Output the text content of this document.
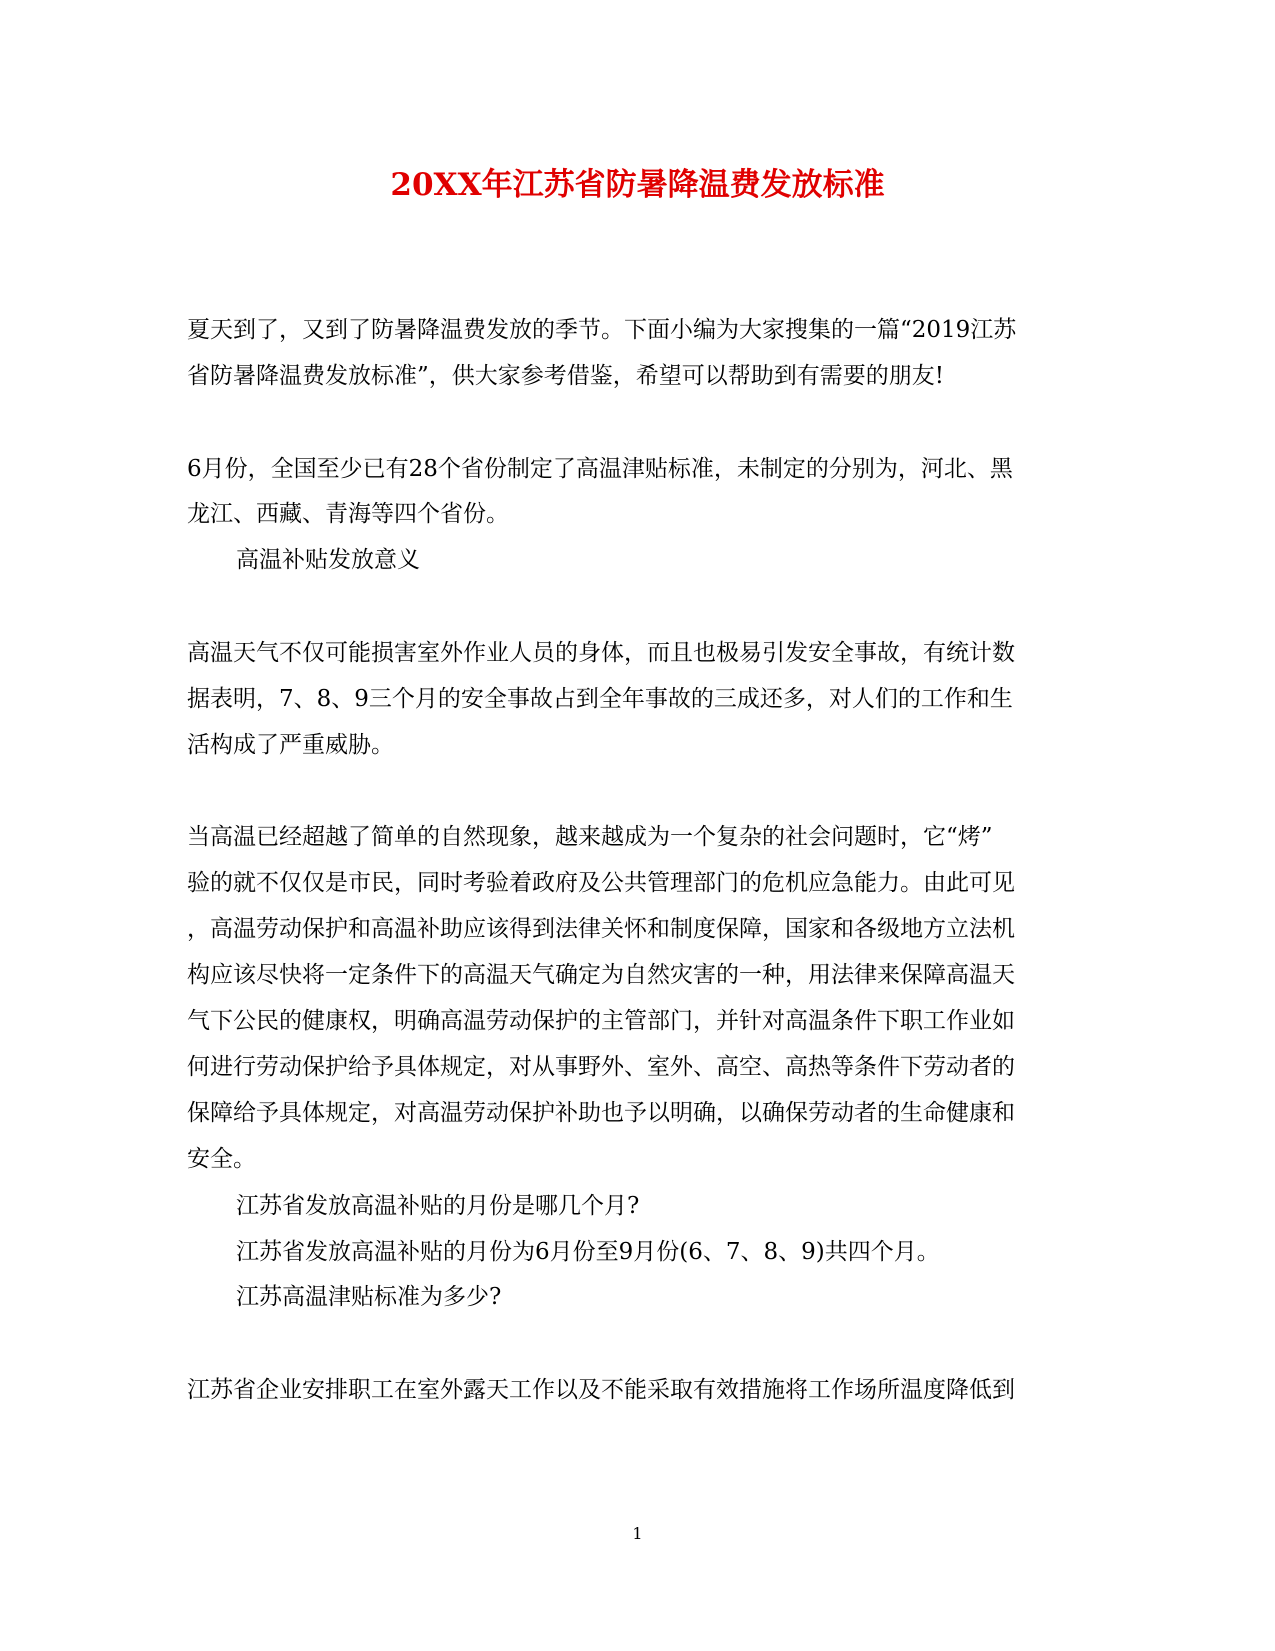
20XX年江苏省防暑降温费发放标准
夏天到了，又到了防暑降温费发放的季节。下面小编为大家搜集的一篇“2019江苏
省防暑降温费发放标准”，供大家参考借鉴，希望可以帮助到有需要的朋友!
6月份，全国至少已有28个省份制定了高温津贴标准，未制定的分别为，河北、黑
龙江、西藏、青海等四个省份。
高温补贴发放意义
高温天气不仅可能损害室外作业人员的身体，而且也极易引发安全事故，有统计数
据表明，7、8、9三个月的安全事故占到全年事故的三成还多，对人们的工作和生
活构成了严重威胁。
当高温已经超越了简单的自然现象，越来越成为一个复杂的社会问题时，它“烤”
验的就不仅仅是市民，同时考验着政府及公共管理部门的危机应急能力。由此可见
，高温劳动保护和高温补助应该得到法律关怀和制度保障，国家和各级地方立法机
构应该尽快将一定条件下的高温天气确定为自然灾害的一种，用法律来保障高温天
气下公民的健康权，明确高温劳动保护的主管部门，并针对高温条件下职工作业如
何进行劳动保护给予具体规定，对从事野外、室外、高空、高热等条件下劳动者的
保障给予具体规定，对高温劳动保护补助也予以明确，以确保劳动者的生命健康和
安全。
江苏省发放高温补贴的月份是哪几个月?
江苏省发放高温补贴的月份为6月份至9月份(6、7、8、9)共四个月。
江苏高温津贴标准为多少?
江苏省企业安排职工在室外露天工作以及不能采取有效措施将工作场所温度降低到
1
